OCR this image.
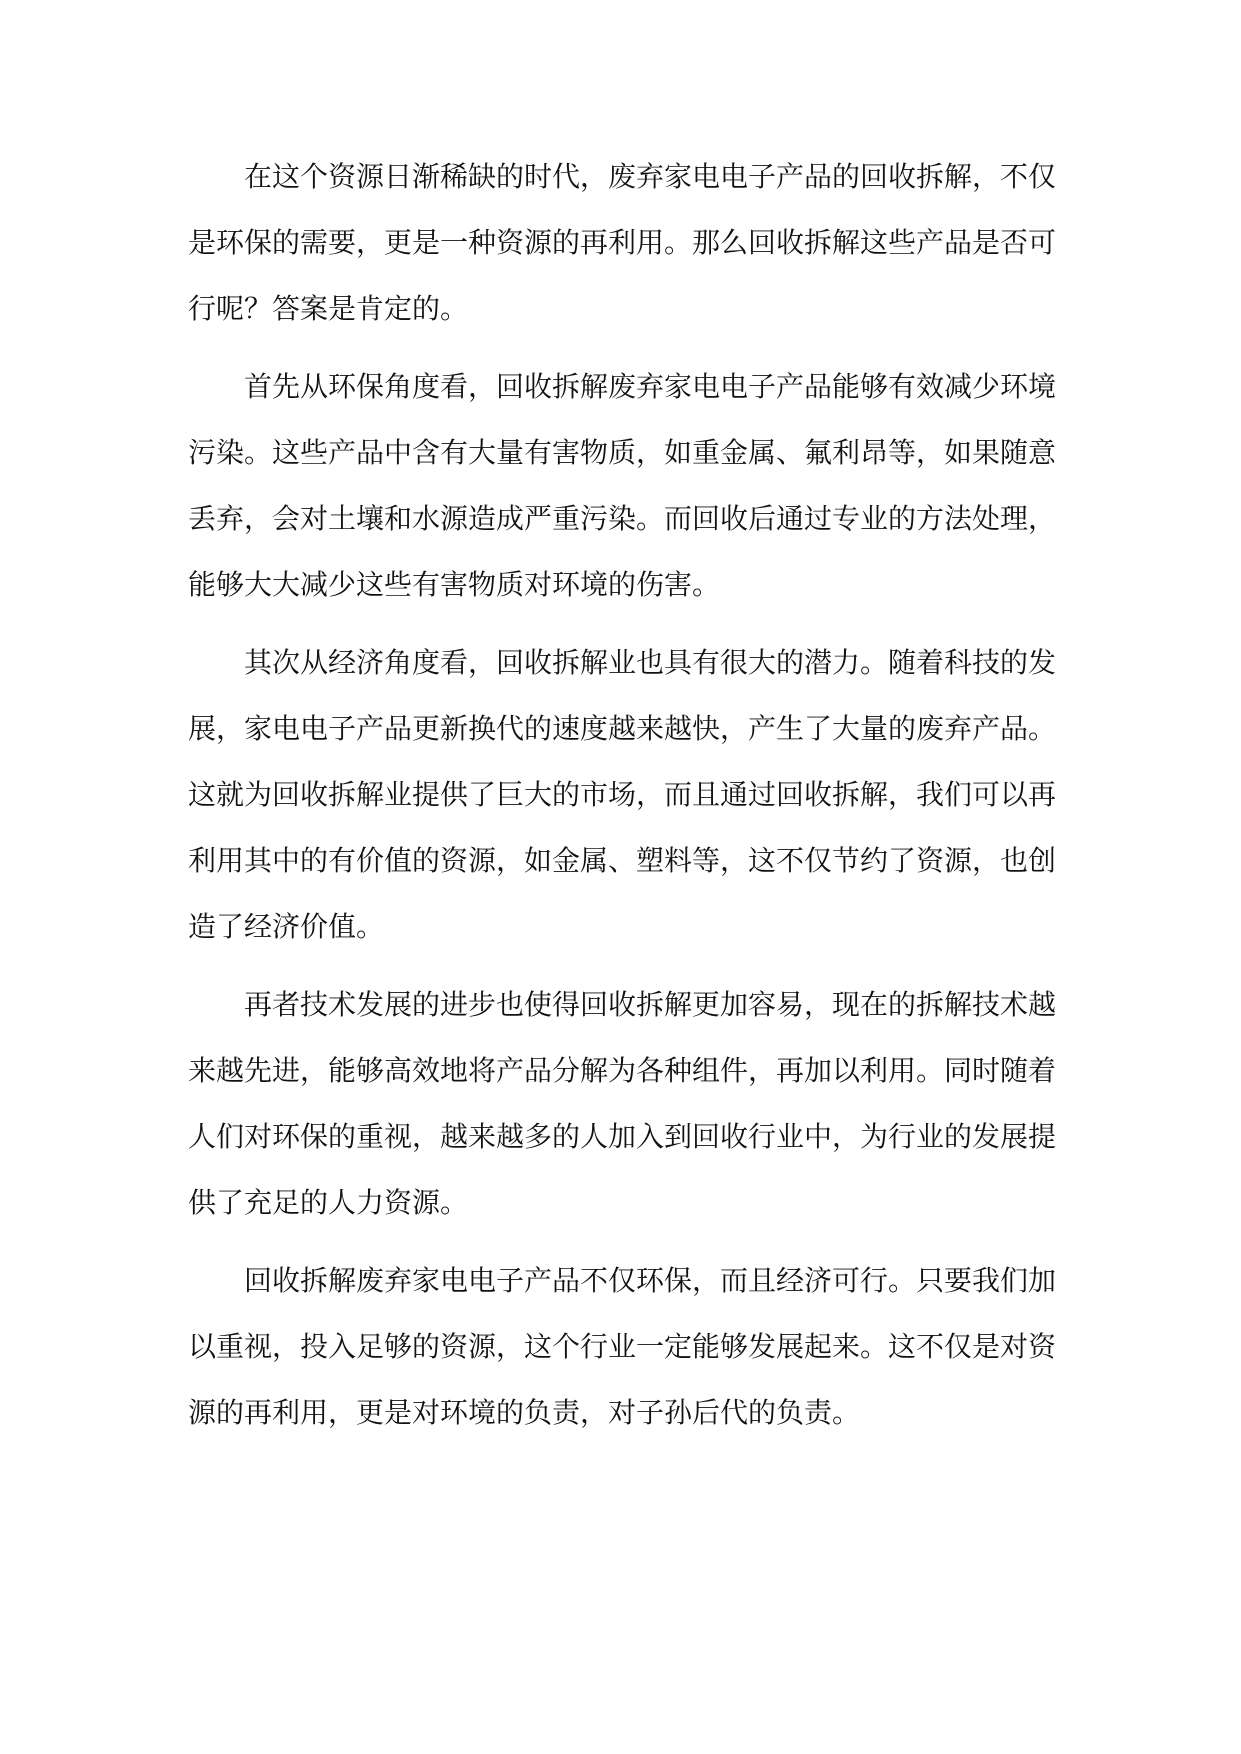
在这个资源日渐稀缺的时代，废弃家电电子产品的回收拆解，不仅是环保的需要，更是一种资源的再利用。那么回收拆解这些产品是否可行呢？答案是肯定的。

首先从环保角度看，回收拆解废弃家电电子产品能够有效减少环境污染。这些产品中含有大量有害物质，如重金属、氟利昂等，如果随意丢弃，会对土壤和水源造成严重污染。而回收后通过专业的方法处理，能够大大减少这些有害物质对环境的伤害。

其次从经济角度看，回收拆解业也具有很大的潜力。随着科技的发展，家电电子产品更新换代的速度越来越快，产生了大量的废弃产品。这就为回收拆解业提供了巨大的市场，而且通过回收拆解，我们可以再利用其中的有价值的资源，如金属、塑料等，这不仅节约了资源，也创造了经济价值。

再者技术发展的进步也使得回收拆解更加容易，现在的拆解技术越来越先进，能够高效地将产品分解为各种组件，再加以利用。同时随着人们对环保的重视，越来越多的人加入到回收行业中，为行业的发展提供了充足的人力资源。

回收拆解废弃家电电子产品不仅环保，而且经济可行。只要我们加以重视，投入足够的资源，这个行业一定能够发展起来。这不仅是对资源的再利用，更是对环境的负责，对子孙后代的负责。
